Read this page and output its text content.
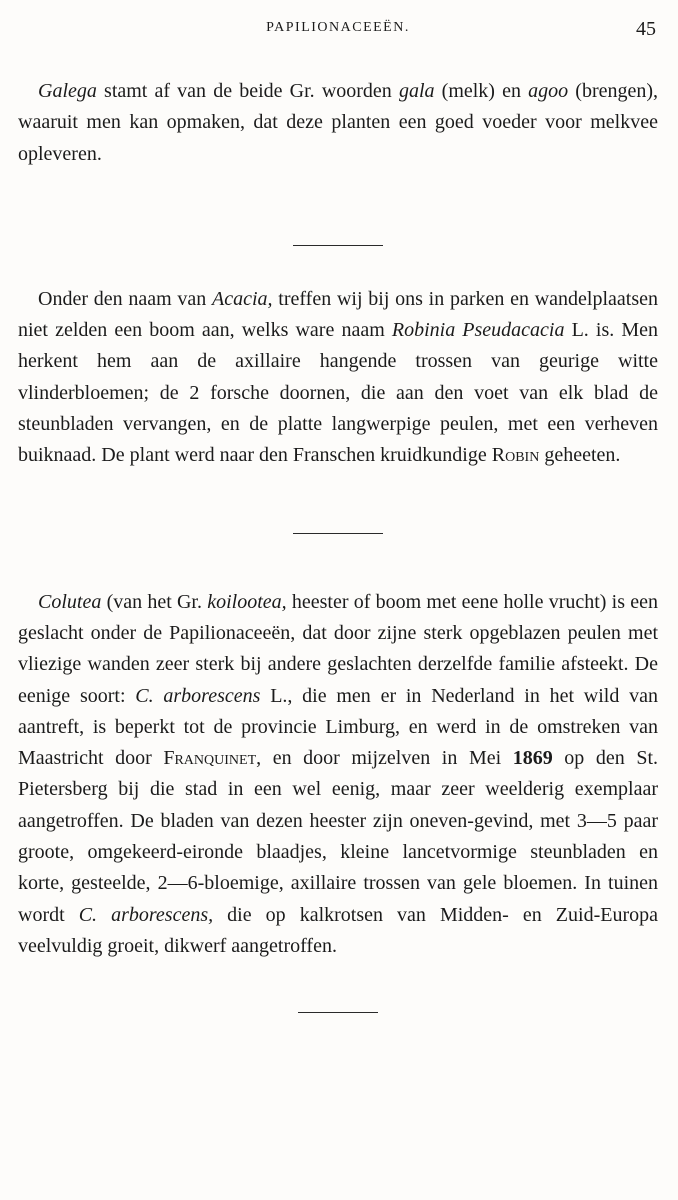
PAPILIONACEEËN.	45

Galega stamt af van de beide Gr. woorden gala (melk) en agoo (brengen), waaruit men kan opmaken, dat deze planten een goed voeder voor melkvee opleveren.

Onder den naam van Acacia, treffen wij bij ons in parken en wandelplaatsen niet zelden een boom aan, welks ware naam Robinia Pseudacacia L. is. Men herkent hem aan de axillaire hangende trossen van geurige witte vlinderbloemen; de 2 forsche doornen, die aan den voet van elk blad de steunbladen vervangen, en de platte langwerpige peulen, met een verheven buiknaad. De plant werd naar den Franschen kruidkundige Robin geheeten.

Colutea (van het Gr. koilootea, heester of boom met eene holle vrucht) is een geslacht onder de Papilionaceeën, dat door zijne sterk opgeblazen peulen met vliezige wanden zeer sterk bij andere geslachten derzelfde familie afsteekt. De eenige soort: C. arborescens L., die men er in Nederland in het wild van aantreft, is beperkt tot de provincie Limburg, en werd in de omstreken van Maastricht door Franquinet, en door mijzelven in Mei 1869 op den St. Pietersberg bij die stad in een wel eenig, maar zeer weelderig exemplaar aangetroffen. De bladen van dezen heester zijn oneven-gevind, met 3—5 paar groote, omgekeerd-eironde blaadjes, kleine lancetvormige steunbladen en korte, gesteelde, 2—6-bloemige, axillaire trossen van gele bloemen. In tuinen wordt C. arborescens, die op kalkrotsen van Midden- en Zuid-Europa veelvuldig groeit, dikwerf aangetroffen.
